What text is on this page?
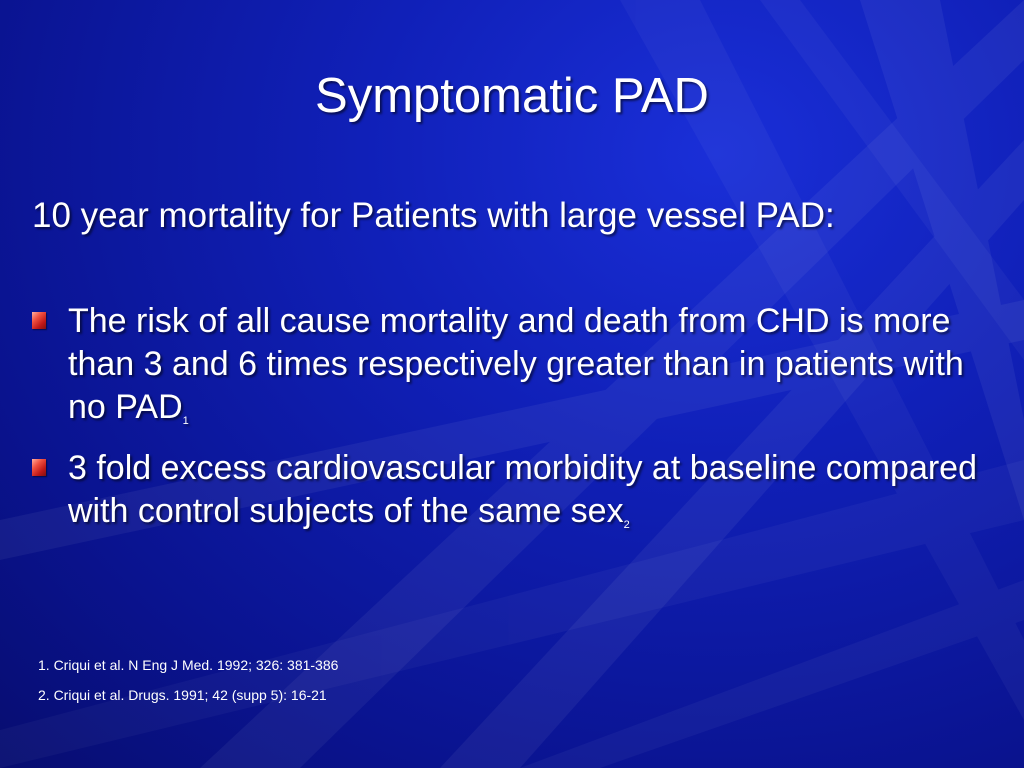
Symptomatic PAD
10 year mortality for Patients with large vessel PAD:
The risk of all cause mortality and death from CHD is more than 3 and 6 times respectively greater than in patients with no $PAD_1$
3 fold excess cardiovascular morbidity at baseline compared with control subjects of the same sex$_2$
1. Criqui et al. N Eng J Med. 1992; 326: 381-386
2. Criqui et al. Drugs. 1991; 42 (supp 5): 16-21
